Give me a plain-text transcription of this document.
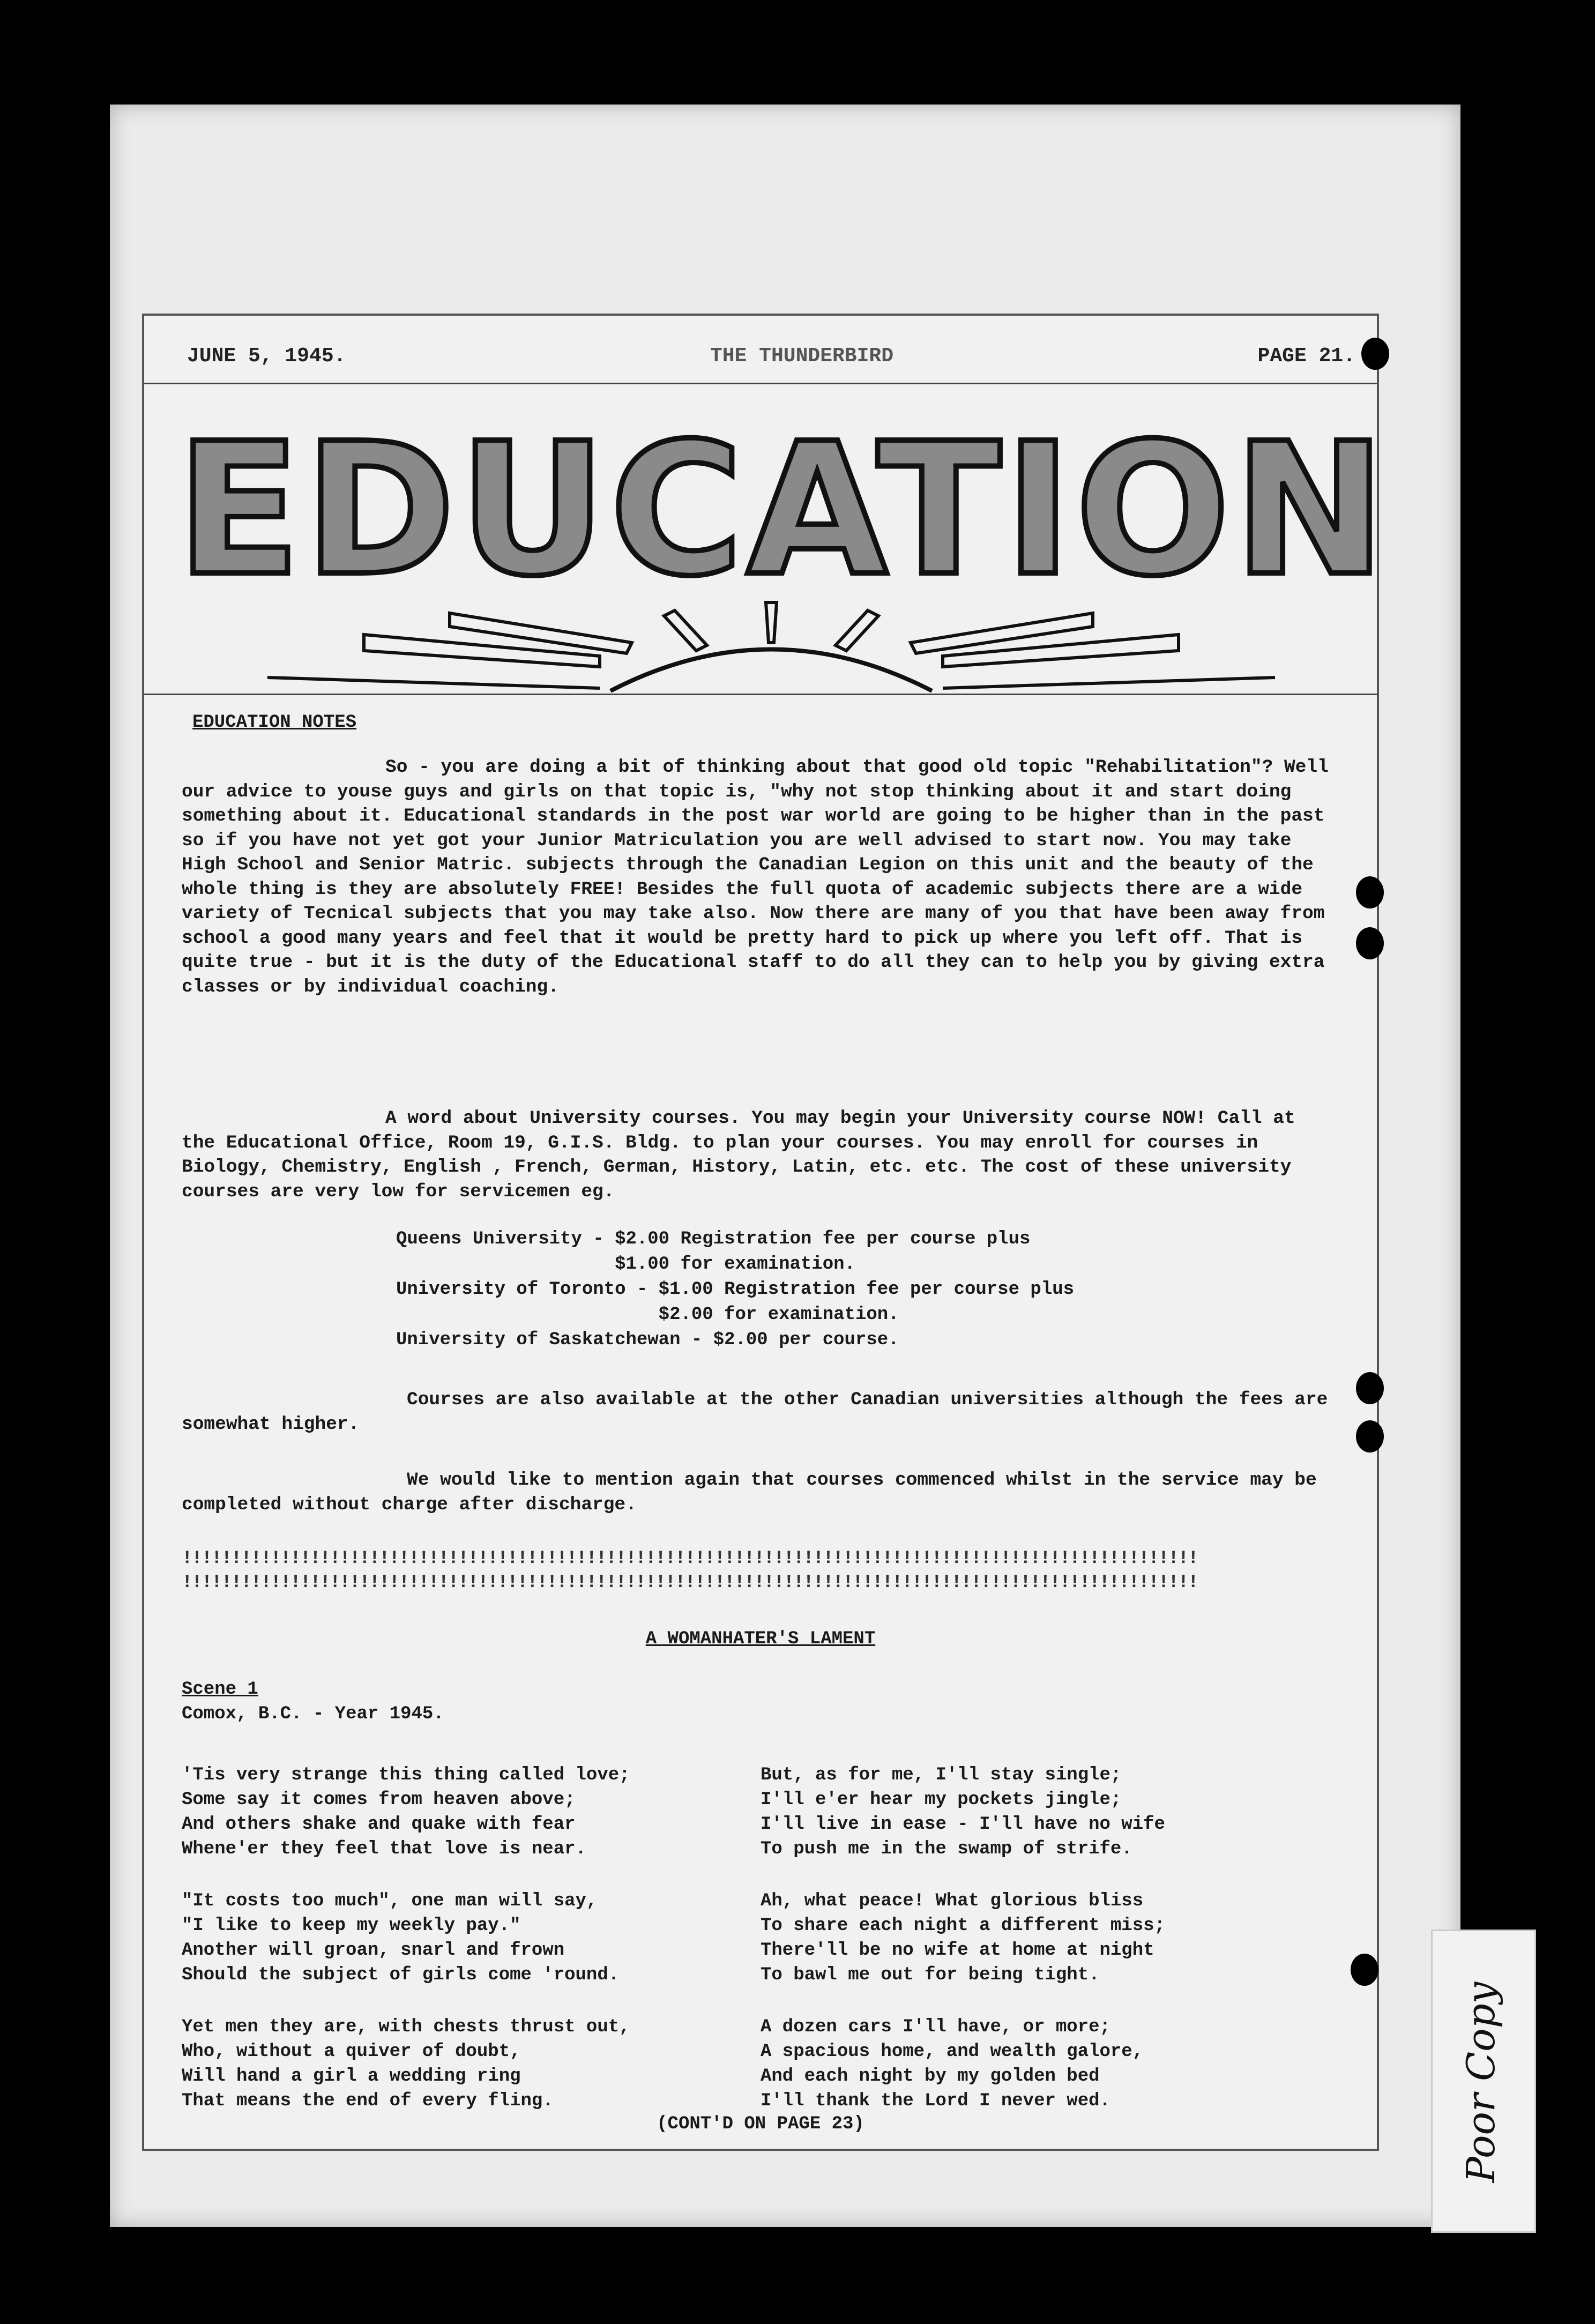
JUNE 5, 1945.	THE THUNDERBIRD	PAGE 21.
EDUCATION
EDUCATION NOTES

So - you are doing a bit of thinking about that good old topic "Rehabilitation"? Well our advice to youse guys and girls on that topic is, "why not stop thinking about it and start doing something about it. Educational standards in the post war world are going to be higher than in the past so if you have not yet got your Junior Matriculation you are well advised to start now. You may take High School and Senior Matric. subjects through the Canadian Legion on this unit and the beauty of the whole thing is they are absolutely FREE! Besides the full quota of academic subjects there are a wide variety of Tecnical subjects that you may take also. Now there are many of you that have been away from school a good many years and feel that it would be pretty hard to pick up where you left off. That is quite true - but it is the duty of the Educational staff to do all they can to help you by giving extra classes or by individual coaching.

A word about University courses. You may begin your University course NOW! Call at the Educational Office, Room 19, G.I.S. Bldg. to plan your courses. You may enroll for courses in Biology, Chemistry, English , French, German, History, Latin, etc. etc. The cost of these university courses are very low for servicemen eg.

Queens University - $2.00 Registration fee per course plus
$1.00 for examination.
University of Toronto - $1.00 Registration fee per course plus
$2.00 for examination.
University of Saskatchewan - $2.00 per course.

Courses are also available at the other Canadian universities although the fees are somewhat higher.

We would like to mention again that courses commenced whilst in the service may be completed without charge after discharge.

!!!!!!!!!!!!!!!!!!!!!!!!!!!!!!!!!!!!!!!!!!!!!!!!!!!!!!!!!!!!!!!!!!!!!!!!!!!!!!!!!!!!!!!!!!!!!!!!!!!!!!!
!!!!!!!!!!!!!!!!!!!!!!!!!!!!!!!!!!!!!!!!!!!!!!!!!!!!!!!!!!!!!!!!!!!!!!!!!!!!!!!!!!!!!!!!!!!!!!!!!!!!!!!
A WOMANHATER'S LAMENT
Scene 1
Comox, B.C. - Year 1945.
'Tis very strange this thing called love;
Some say it comes from heaven above;
And others shake and quake with fear
Whene'er they feel that love is near.
"It costs too much", one man will say,
"I like to keep my weekly pay."
Another will groan, snarl and frown
Should the subject of girls come 'round.
Yet men they are, with chests thrust out,
Who, without a quiver of doubt,
Will hand a girl a wedding ring
That means the end of every fling.
But, as for me, I'll stay single;
I'll e'er hear my pockets jingle;
I'll live in ease - I'll have no wife
To push me in the swamp of strife.
Ah, what peace! What glorious bliss
To share each night a different miss;
There'll be no wife at home at night
To bawl me out for being tight.
A dozen cars I'll have, or more;
A spacious home, and wealth galore,
And each night by my golden bed
I'll thank the Lord I never wed.
(CONT'D ON PAGE 23)	Poor Copy
